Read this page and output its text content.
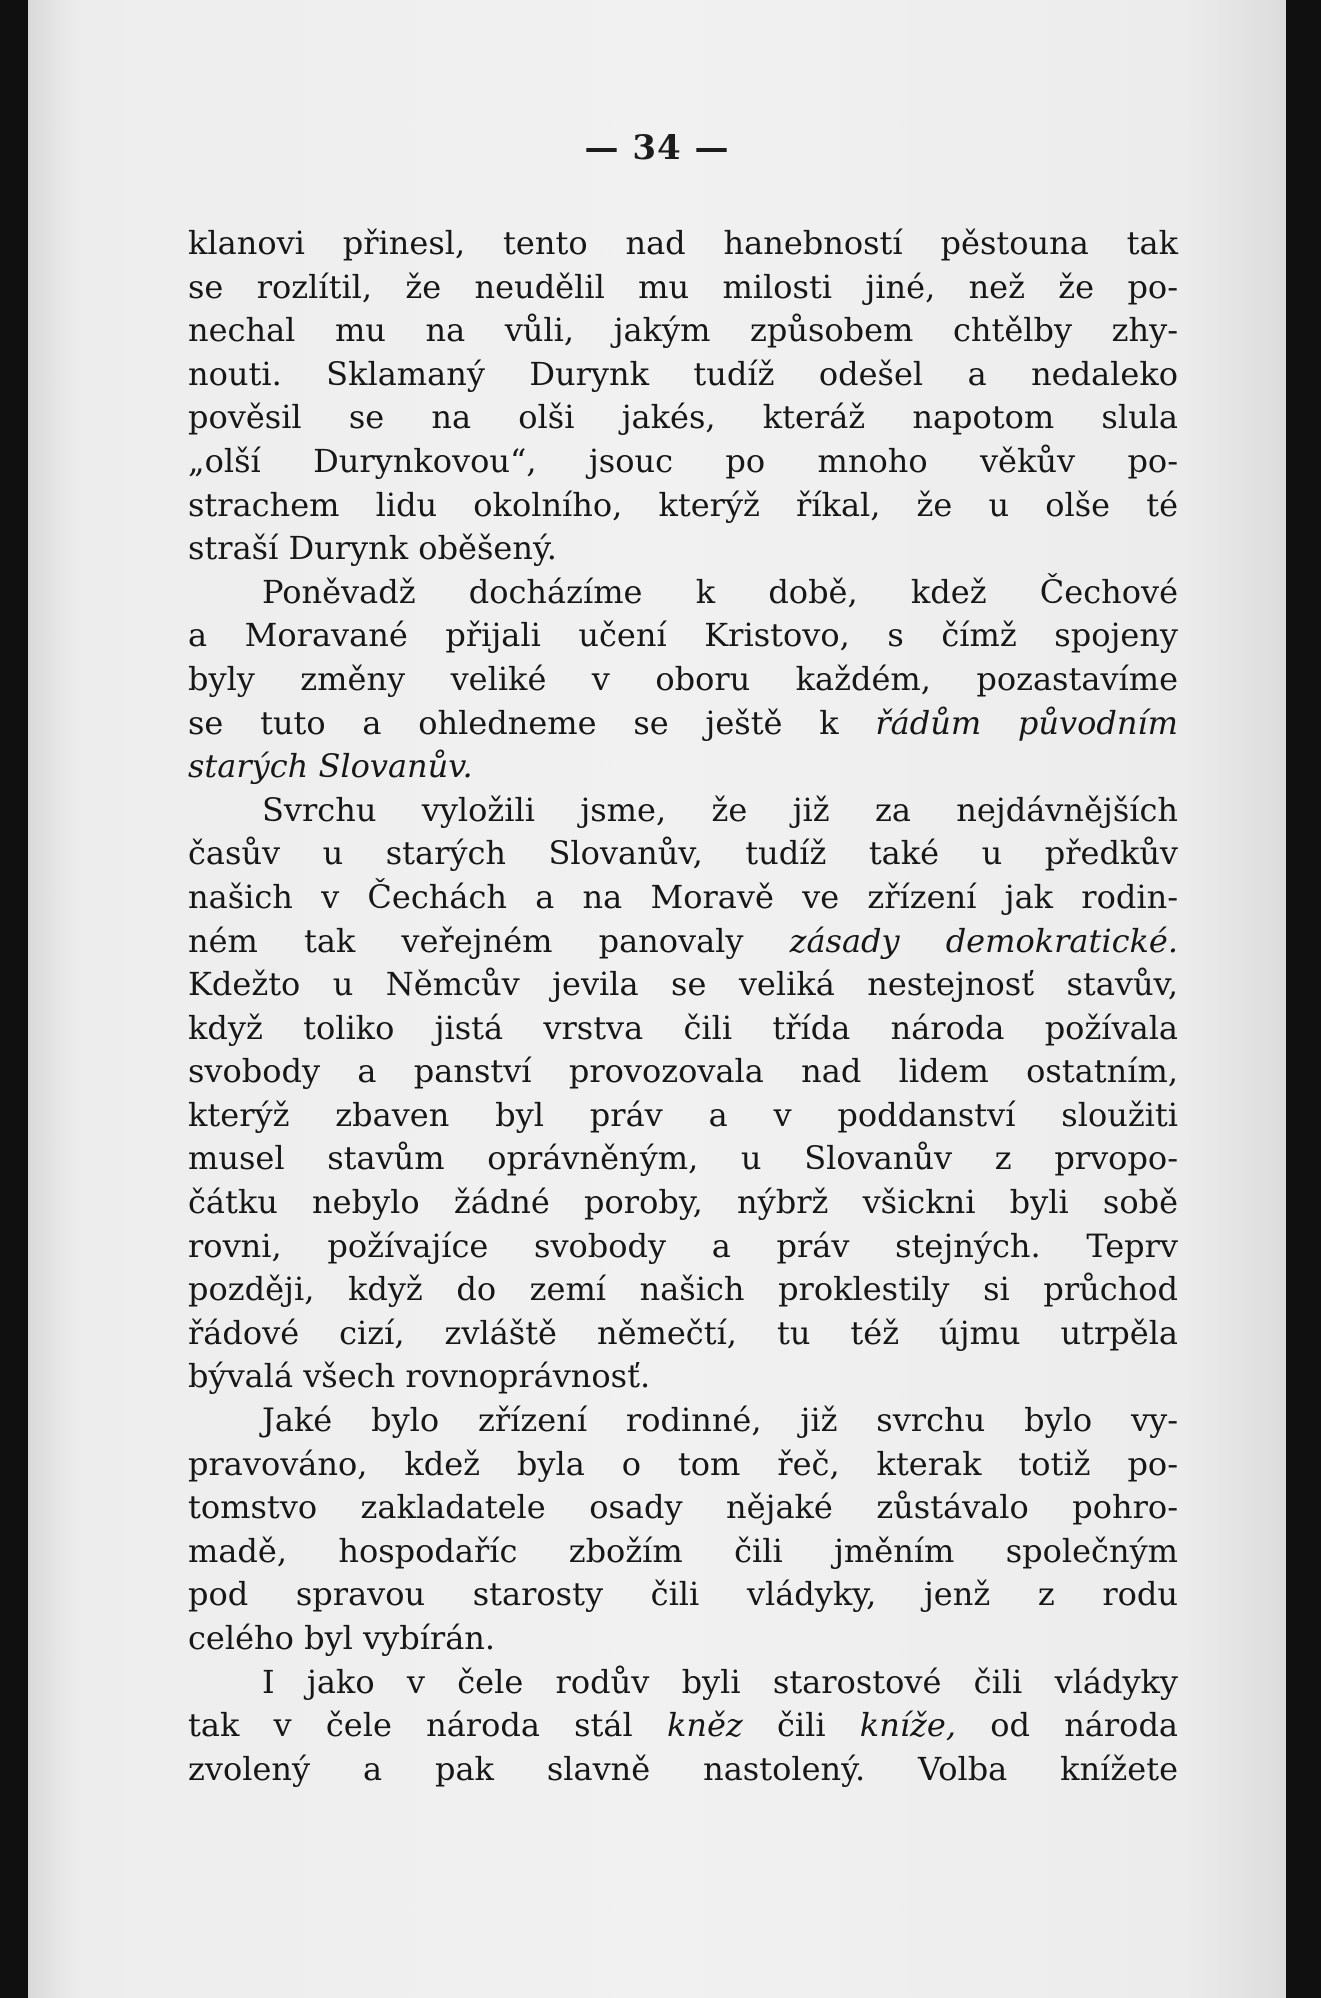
— 34 —
klanovi přinesl, tento nad hanebností pěstouna tak
se rozlítil, že neudělil mu milosti jiné, než že po-
nechal mu na vůli, jakým způsobem chtělby zhy-
nouti. Sklamaný Durynk tudíž odešel a nedaleko
pověsil se na olši jakés, kteráž napotom slula
„olší Durynkovou“, jsouc po mnoho věkův po-
strachem lidu okolního, kterýž říkal, že u olše té
straší Durynk oběšený.
Poněvadž docházíme k době, kdež Čechové
a Moravané přijali učení Kristovo, s čímž spojeny
byly změny veliké v oboru každém, pozastavíme
se tuto a ohledneme se ještě k řádům původním
starých Slovanův.
Svrchu vyložili jsme, že již za nejdávnějších
časův u starých Slovanův, tudíž také u předkův
našich v Čechách a na Moravě ve zřízení jak rodin-
ném tak veřejném panovaly zásady demokratické.
Kdežto u Němcův jevila se veliká nestejnosť stavův,
když toliko jistá vrstva čili třída národa požívala
svobody a panství provozovala nad lidem ostatním,
kterýž zbaven byl práv a v poddanství sloužiti
musel stavům oprávněným, u Slovanův z prvopo-
čátku nebylo žádné poroby, nýbrž všickni byli sobě
rovni, požívajíce svobody a práv stejných. Teprv
později, když do zemí našich proklestily si průchod
řádové cizí, zvláště němečtí, tu též újmu utrpěla
bývalá všech rovnoprávnosť.
Jaké bylo zřízení rodinné, již svrchu bylo vy-
pravováno, kdež byla o tom řeč, kterak totiž po-
tomstvo zakladatele osady nějaké zůstávalo pohro-
madě, hospodaříc zbožím čili jměním společným
pod spravou starosty čili vládyky, jenž z rodu
celého byl vybírán.
I jako v čele rodův byli starostové čili vládyky
tak v čele národa stál kněz čili kníže, od národa
zvolený a pak slavně nastolený. Volba knížete
